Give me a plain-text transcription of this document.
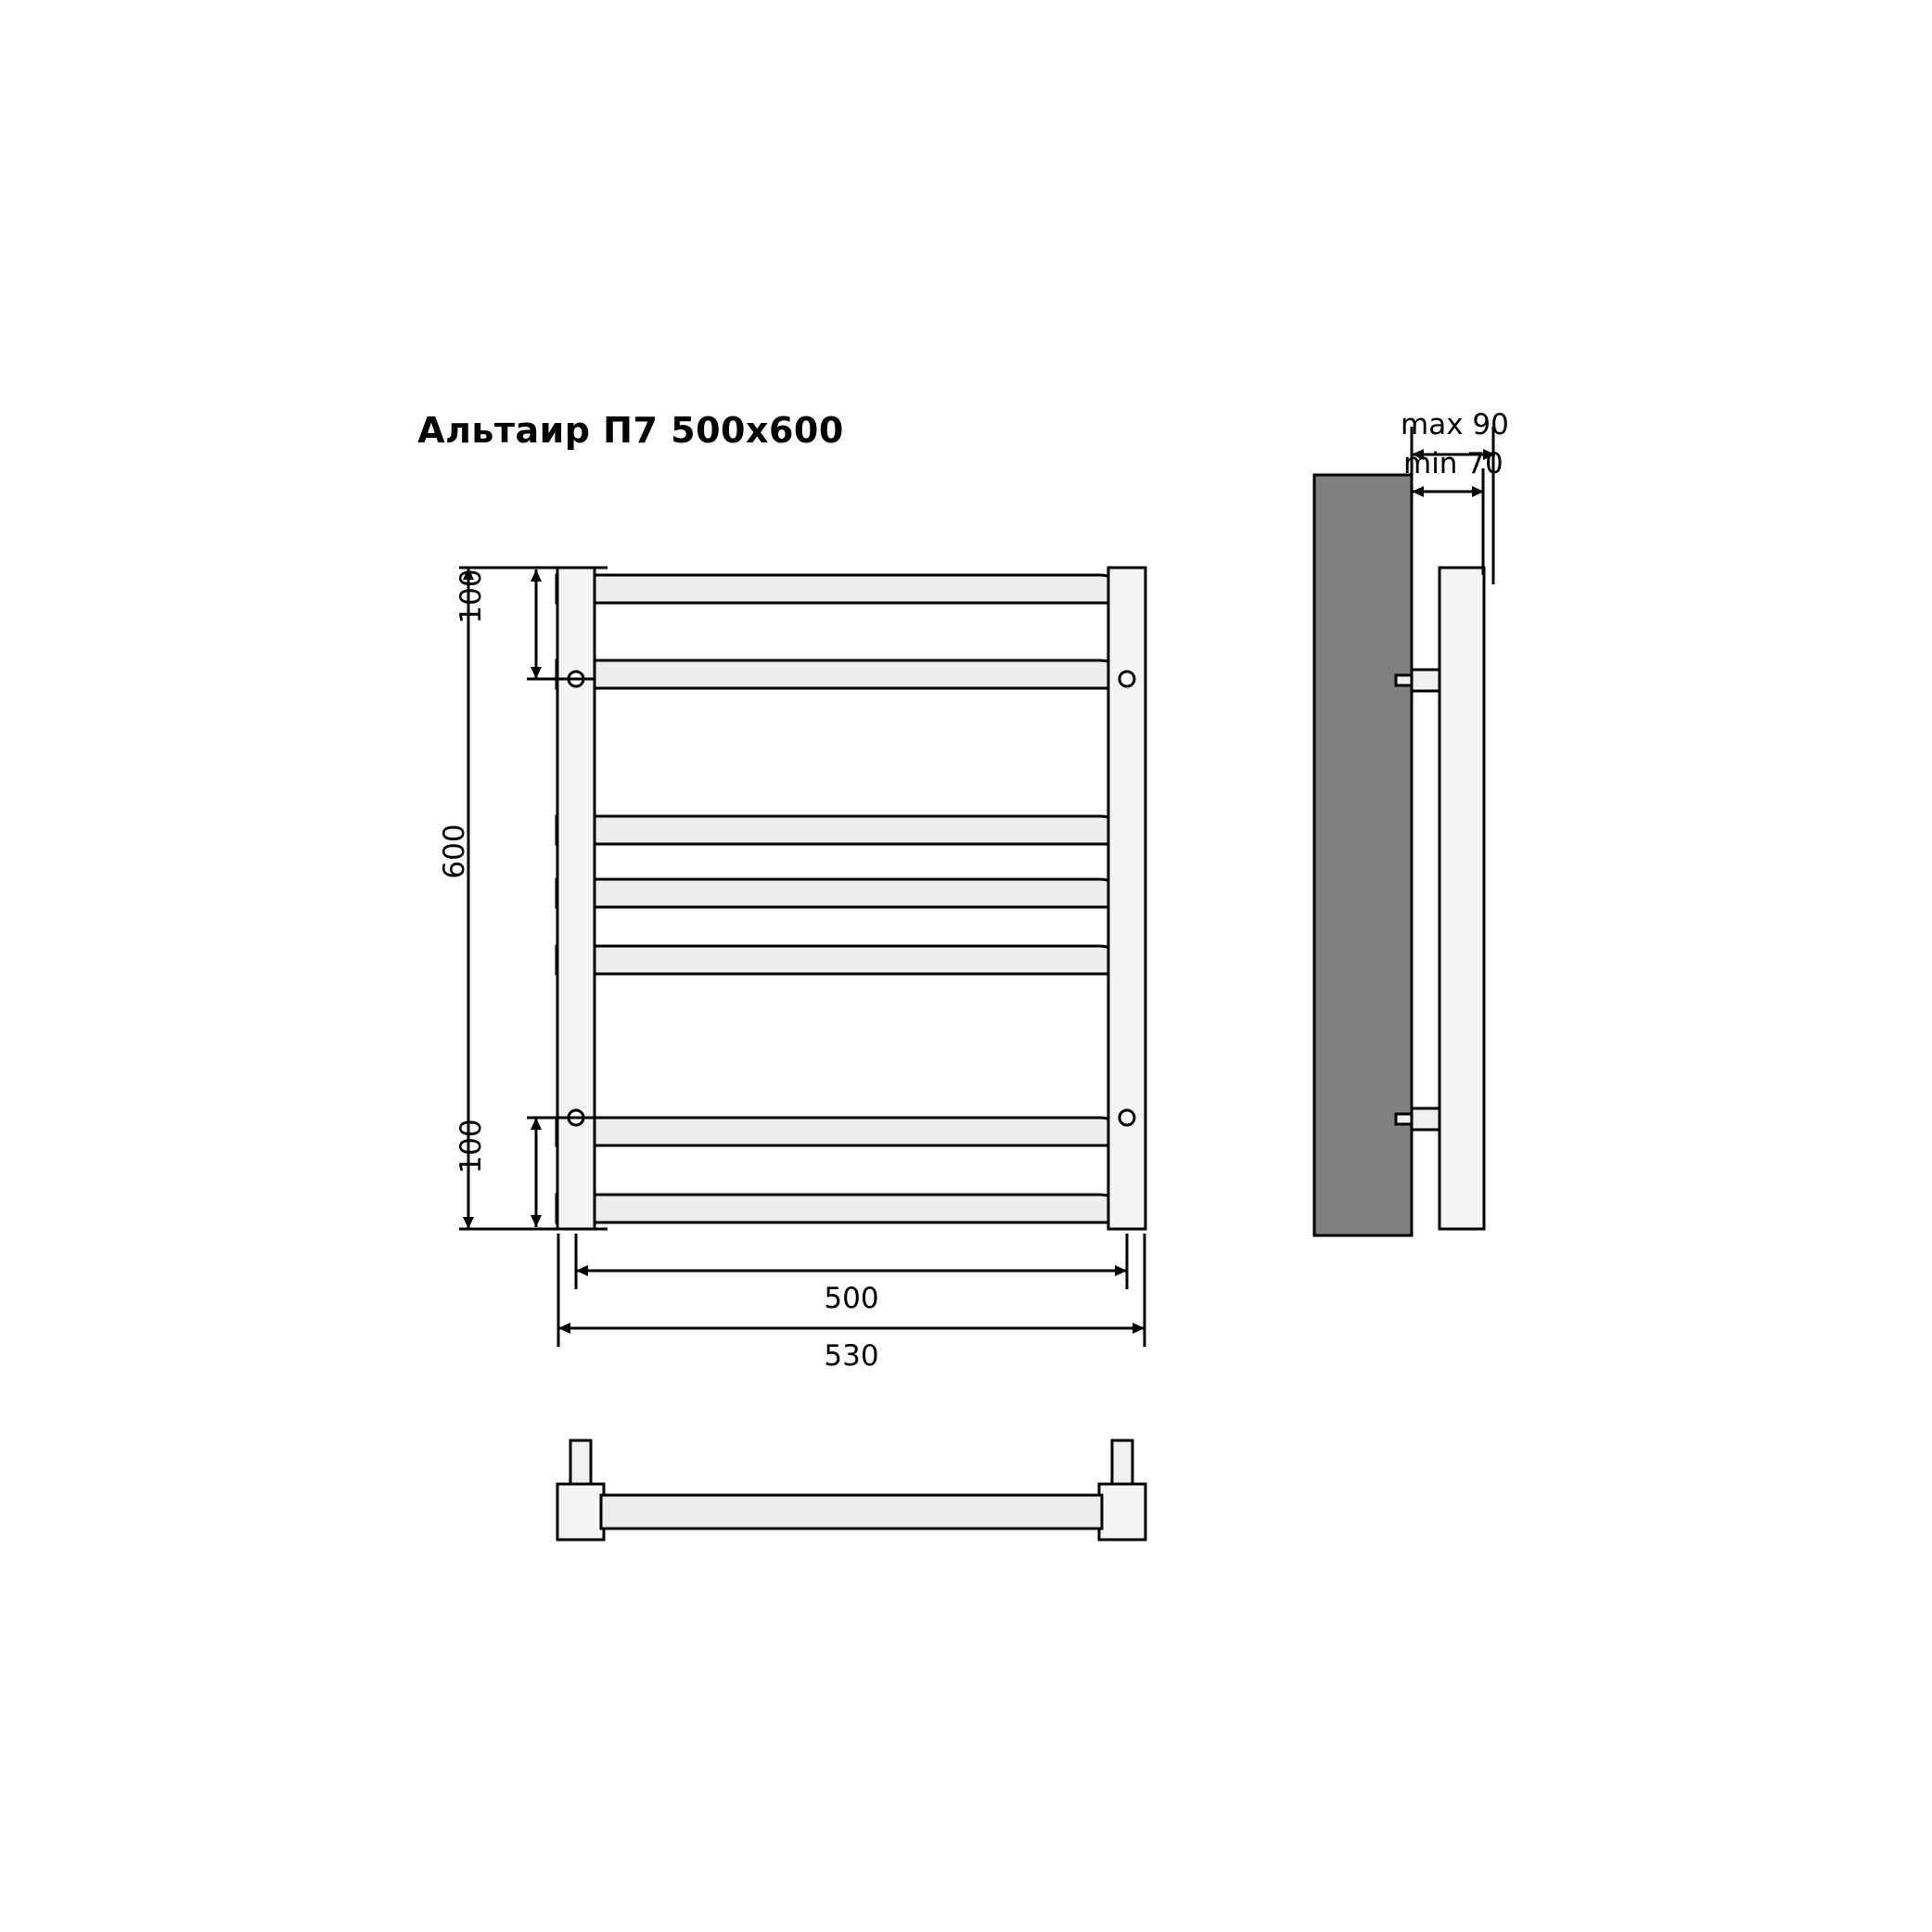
Альтаир П7 500x600
100
600
100
500
530
max 90
min 70
